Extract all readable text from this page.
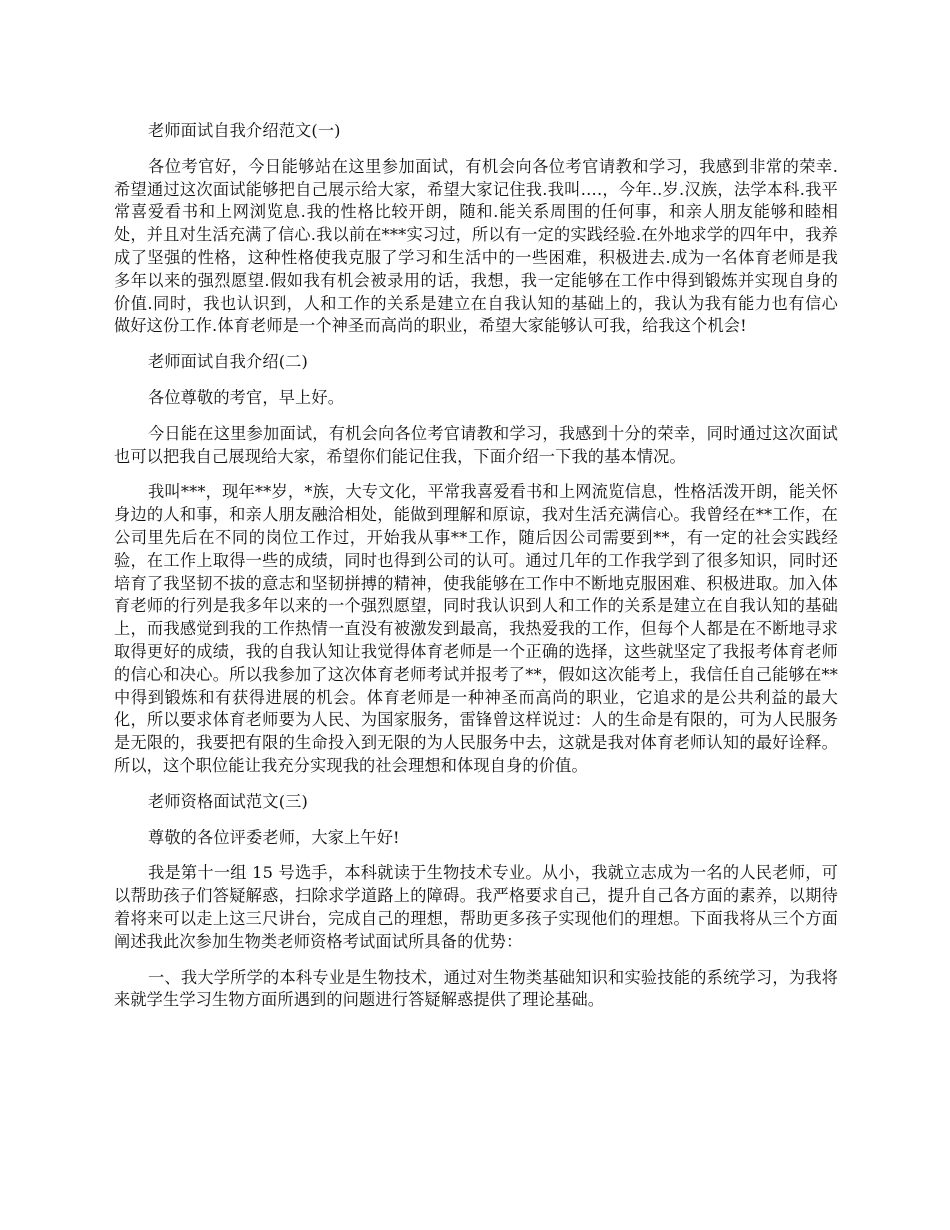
老师面试自我介绍范文(一)

各位考官好，今日能够站在这里参加面试，有机会向各位考官请教和学习，我感到非常的荣幸.希望通过这次面试能够把自己展示给大家，希望大家记住我.我叫….，今年..岁.汉族，法学本科.我平常喜爱看书和上网浏览息.我的性格比较开朗，随和.能关系周围的任何事，和亲人朋友能够和睦相处，并且对生活充满了信心.我以前在***实习过，所以有一定的实践经验.在外地求学的四年中，我养成了坚强的性格，这种性格使我克服了学习和生活中的一些困难，积极进去.成为一名体育老师是我多年以来的强烈愿望.假如我有机会被录用的话，我想，我一定能够在工作中得到锻炼并实现自身的价值.同时，我也认识到，人和工作的关系是建立在自我认知的基础上的，我认为我有能力也有信心做好这份工作.体育老师是一个神圣而高尚的职业，希望大家能够认可我，给我这个机会!

老师面试自我介绍(二)

各位尊敬的考官，早上好。

今日能在这里参加面试，有机会向各位考官请教和学习，我感到十分的荣幸，同时通过这次面试也可以把我自己展现给大家，希望你们能记住我，下面介绍一下我的基本情况。

我叫***，现年**岁，*族，大专文化，平常我喜爱看书和上网流览信息，性格活泼开朗，能关怀身边的人和事，和亲人朋友融洽相处，能做到理解和原谅，我对生活充满信心。我曾经在**工作，在公司里先后在不同的岗位工作过，开始我从事**工作，随后因公司需要到**，有一定的社会实践经验，在工作上取得一些的成绩，同时也得到公司的认可。通过几年的工作我学到了很多知识，同时还培育了我坚韧不拔的意志和坚韧拼搏的精神，使我能够在工作中不断地克服困难、积极进取。加入体育老师的行列是我多年以来的一个强烈愿望，同时我认识到人和工作的关系是建立在自我认知的基础上，而我感觉到我的工作热情一直没有被激发到最高，我热爱我的工作，但每个人都是在不断地寻求取得更好的成绩，我的自我认知让我觉得体育老师是一个正确的选择，这些就坚定了我报考体育老师的信心和决心。所以我参加了这次体育老师考试并报考了**，假如这次能考上，我信任自己能够在**中得到锻炼和有获得进展的机会。体育老师是一种神圣而高尚的职业，它追求的是公共利益的最大化，所以要求体育老师要为人民、为国家服务，雷锋曾这样说过：人的生命是有限的，可为人民服务是无限的，我要把有限的生命投入到无限的为人民服务中去，这就是我对体育老师认知的最好诠释。所以，这个职位能让我充分实现我的社会理想和体现自身的价值。

老师资格面试范文(三)

尊敬的各位评委老师，大家上午好!

我是第十一组 15 号选手，本科就读于生物技术专业。从小，我就立志成为一名的人民老师，可以帮助孩子们答疑解惑，扫除求学道路上的障碍。我严格要求自己，提升自己各方面的素养，以期待着将来可以走上这三尺讲台，完成自己的理想，帮助更多孩子实现他们的理想。下面我将从三个方面阐述我此次参加生物类老师资格考试面试所具备的优势：

一、我大学所学的本科专业是生物技术，通过对生物类基础知识和实验技能的系统学习，为我将来就学生学习生物方面所遇到的问题进行答疑解惑提供了理论基础。
